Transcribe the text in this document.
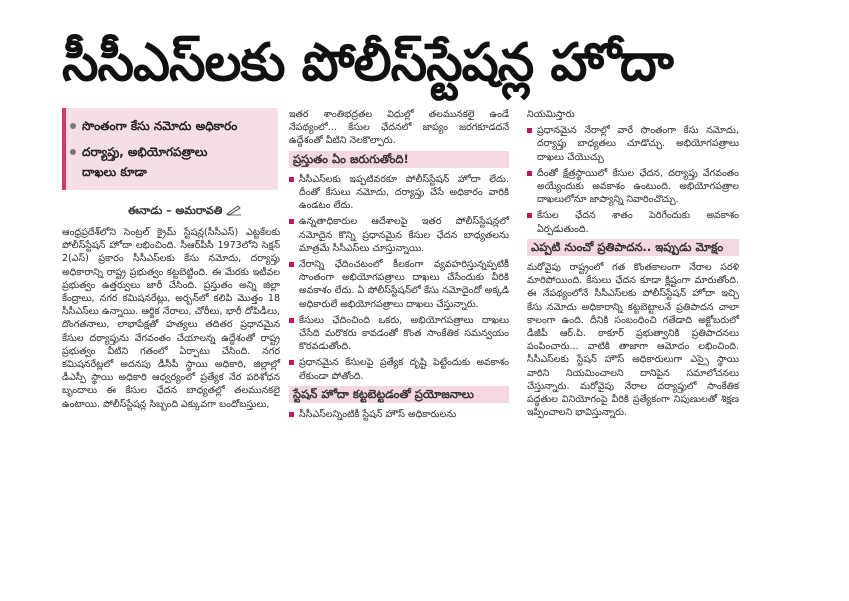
సీసీఎస్‌లకు పోలీస్‌స్టేషన్ల హోదా
సొంతంగా కేసు నమోదు అధికారం
దర్యాప్తు, అభియోగపత్రాలు
దాఖలు కూడా
ఈనాడు – అమరావతి

ఆంధ్రప్రదేశ్‌లోని సెంట్రల్ క్రైమ్ స్టేషన్ల(సీసీఎస్) ఎట్టకేలకు పోలీస్‌స్టేషన్ హోదా లభించింది. సీఆర్‌పీసీ 1973లోని సెక్షన్ 2(ఎస్) ప్రకారం సీసీఎస్‌లకు కేసు నమోదు, దర్యాప్తు అధికారాన్ని రాష్ట్ర ప్రభుత్వం కట్టబెట్టింది. ఈ మేరకు ఇటీవల ప్రభుత్వం ఉత్తర్వులు జారీ చేసింది. ప్రస్తుతం అన్ని జిల్లా కేంద్రాలు, నగర కమిషనరేట్లు, అర్బన్‌లో కలిపి మొత్తం 18 సీసీఎస్‌లు ఉన్నాయి. ఆర్థిక నేరాలు, చోరీలు, భారీ దోపిడీలు, దొంగతనాలు, లాభాపేక్షతో హత్యలు తదితర ప్రధానమైన కేసుల దర్యాప్తును వేగవంతం చేయాలన్న ఉద్దేశంతో రాష్ట్ర ప్రభుత్వం వీటిని గతంలో ఏర్పాటు చేసింది. నగర కమిషనరేట్లలో అదనపు డీసీపీ స్థాయి అధికారి, జిల్లాల్లో డీఎస్పీ స్థాయి అధికారి ఆధ్వర్యంలో ప్రత్యేక నేర పరిశోధన బృందాలు ఈ కేసుల ఛేదన బాధ్యతల్లో తలమునకలై ఉంటాయి. పోలీస్‌స్టేషన్ల సిబ్బంది ఎక్కువగా బందోబస్తులు,

ఇతర శాంతిభద్రతల విధుల్లో తలమునకలై ఉండే నేపథ్యంలో... కేసుల ఛేదనలో జాప్యం జరగకూడదనే ఉద్దేశంతో వీటిని నెలకొల్పారు.

ప్రస్తుతం ఏం జరుగుతోంది!

సీసీఎస్‌లకు ఇప్పటివరకూ పోలీస్‌స్టేషన్ హోదా లేదు. దీంతో కేసులు నమోదు, దర్యాప్తు చేసే అధికారం వారికి ఉండటం లేదు.

ఉన్నతాధికారుల ఆదేశాలపై ఇతర పోలీస్‌స్టేషన్లలో నమోదైన కొన్ని ప్రధానమైన కేసుల ఛేదన బాధ్యతలను మాత్రమే సీసీఎస్‌లు చూస్తున్నాయి.

నేరాన్ని ఛేదించటంలో కీలకంగా వ్యవహరిస్తున్నప్పటికీ సొంతంగా అభియోగపత్రాలు దాఖలు చేసేందుకు వీరికి అవకాశం లేదు. ఏ పోలీస్‌స్టేషన్‌లో కేసు నమోదైందో అక్కడి అధికారులే అభియోగపత్రాలు దాఖలు చేస్తున్నారు.

కేసులు ఛేదించింది ఒకరు, అభియోగపత్రాలు దాఖలు చేసేది మరొకరు కావడంతో కొంత సాంకేతిక సమన్వయం కొరవడుతోంది.

ప్రధానమైన కేసులపై ప్రత్యేక దృష్టి పెట్టేందుకు అవకాశం లేకుండా పోతోంది.

స్టేషన్ హోదా కట్టబెట్టడంతో ప్రయోజనాలు

సీసీఎస్‌లన్నింటికీ స్టేషన్ హౌస్ అధికారులను

నియమిస్తారు

ప్రధానమైన నేరాల్లో వారే సొంతంగా కేసు నమోదు, దర్యాప్తు బాధ్యతలు చూడొచ్చు. అభియోగపత్రాలు దాఖలు చేయొచ్చు

దీంతో క్షేత్రస్థాయిలో కేసుల ఛేదన, దర్యాప్తు వేగవంతం అయ్యేందుకు అవకాశం ఉంటుంది. అభియోగపత్రాల దాఖలులోనూ జాప్యాన్ని నివారించొచ్చు.

కేసుల ఛేదన శాతం పెరిగేందుకు అవకాశం ఏర్పడుతుంది.

ఎప్పటి నుంచో ప్రతిపాదన.. ఇప్పుడు మోక్షం

మరోవైపు రాష్ట్రంలో గత కొంతకాలంగా నేరాల సరళి మారిపోయింది. కేసులు ఛేదన కూడా క్లిష్టంగా మారుతోంది. ఈ నేపథ్యంలోనే సీసీఎస్‌లకు పోలీస్‌స్టేషన్ హోదా ఇచ్చి కేసు నమోదు అధికారాన్ని కట్టబెట్టాలనే ప్రతిపాదన చాలా కాలంగా ఉంది. దీనికి సంబంధించి గతేడాది అక్టోబరులో డీజీపీ ఆర్.పి. ఠాకూర్ ప్రభుత్వానికి ప్రతిపాదనలు పంపించారు... వాటికి తాజాగా ఆమోదం లభించింది. సీసీఎస్‌లకు స్టేషన్ హౌస్ అధికారులుగా ఎస్సై స్థాయి వారిని నియమించాలని దానిపైన సమాలోచనలు చేస్తున్నారు. మరోవైపు నేరాల దర్యాప్తులో సాంకేతిక పద్ధతుల వినియోగంపై వీరికి ప్రత్యేకంగా నిపుణులతో శిక్షణ ఇప్పించాలని భావిస్తున్నారు.
